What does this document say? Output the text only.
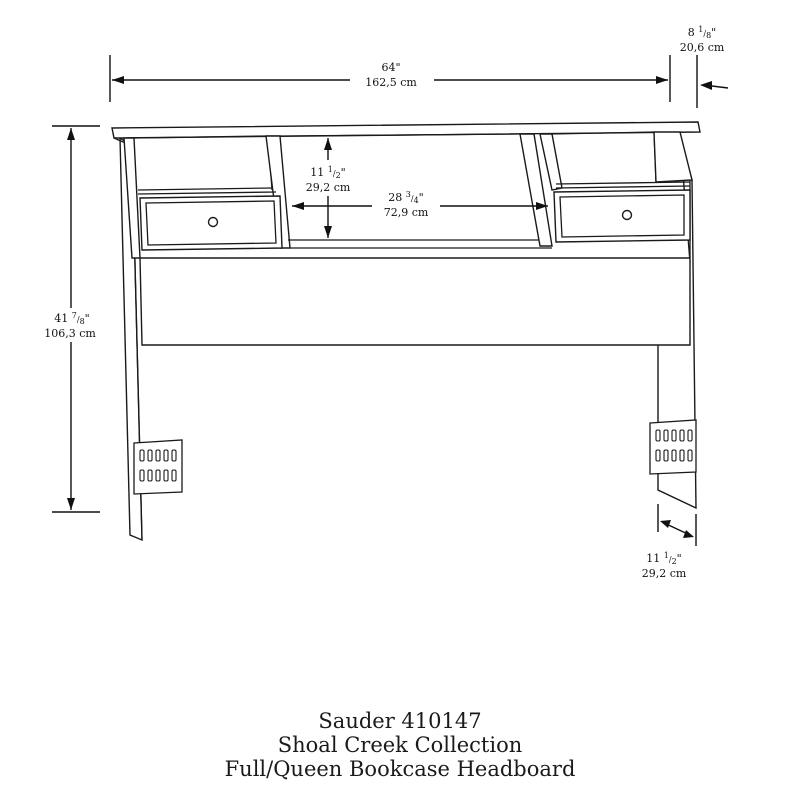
64"
162,5 cm
8 $^1_/$8"
20,6 cm
41 $^7_/$8"
106,3 cm
11 $^1_/$2"
29,2 cm
28 $^3_/$4"
72,9 cm
11 $^1_/$2"
29,2 cm

Sauder 410147

Shoal Creek Collection

Full/Queen Bookcase Headboard
